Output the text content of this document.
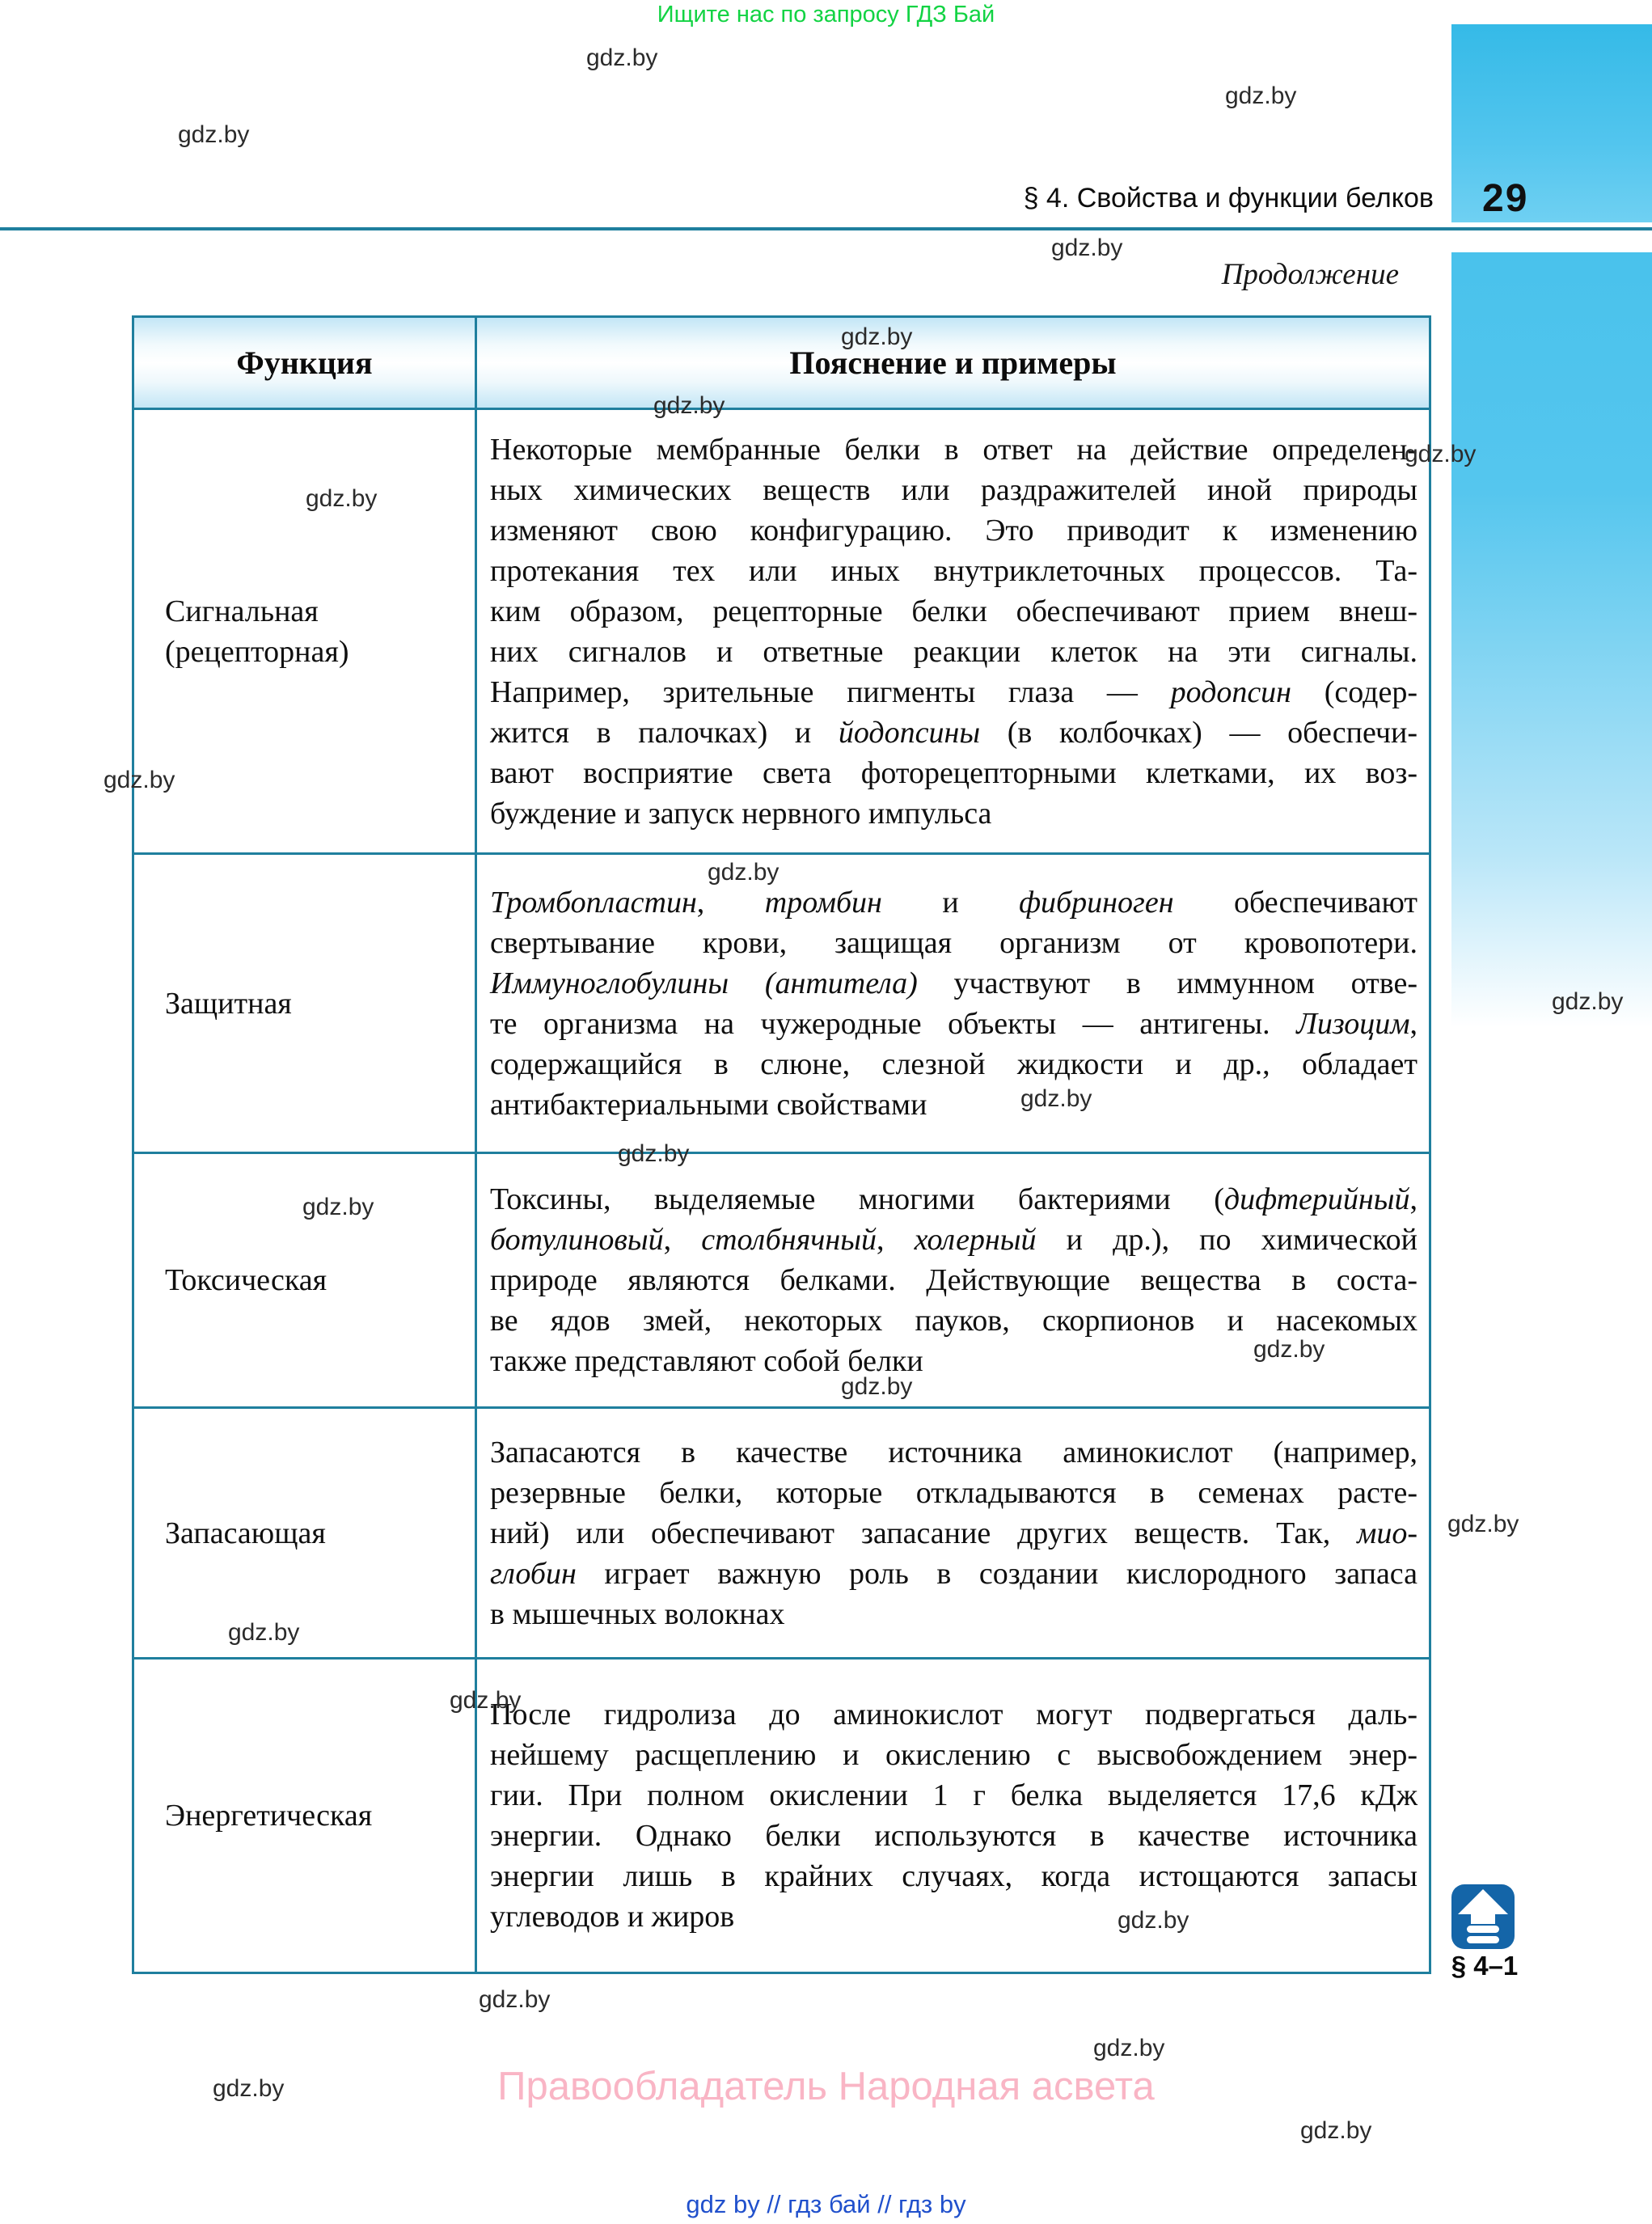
Ищите нас по запросу ГДЗ Бай
§ 4. Свойства и функции белков 29
Продолжение
Функция	Пояснение и примеры
Сигнальная
(рецепторная)
Некоторые мембранные белки в ответ на действие определен-
ных химических веществ или раздражителей иной природы
изменяют свою конфигурацию. Это приводит к изменению
протекания тех или иных внутриклеточных процессов. Та-
ким образом, рецепторные белки обеспечивают прием внеш-
них сигналов и ответные реакции клеток на эти сигналы.
Например, зрительные пигменты глаза — родопсин (содер-
жится в палочках) и йодопсины (в колбочках) — обеспечи-
вают восприятие света фоторецепторными клетками, их воз-
буждение и запуск нервного импульса
Защитная
Тромбопластин, тромбин и фибриноген обеспечивают
свертывание крови, защищая организм от кровопотери.
Иммуноглобулины (антитела) участвуют в иммунном отве-
те организма на чужеродные объекты — антигены. Лизоцим,
содержащийся в слюне, слезной жидкости и др., обладает
антибактериальными свойствами
Токсическая
Токсины, выделяемые многими бактериями (дифтерийный,
ботулиновый, столбнячный, холерный и др.), по химической
природе являются белками. Действующие вещества в соста-
ве ядов змей, некоторых пауков, скорпионов и насекомых
также представляют собой белки
Запасающая
Запасаются в качестве источника аминокислот (например,
резервные белки, которые откладываются в семенах расте-
ний) или обеспечивают запасание других веществ. Так, мио-
глобин играет важную роль в создании кислородного запаса
в мышечных волокнах
Энергетическая
После гидролиза до аминокислот могут подвергаться даль-
нейшему расщеплению и окислению с высвобождением энер-
гии. При полном окислении 1 г белка выделяется 17,6 кДж
энергии. Однако белки используются в качестве источника
энергии лишь в крайних случаях, когда истощаются запасы
углеводов и жиров
gdz.by
gdz.by
gdz.by
gdz.by
gdz.by
gdz.by
gdz.by
gdz.by
gdz.by
gdz.by
gdz.by
gdz.by
gdz.by
gdz.by
gdz.by
gdz.by
gdz.by
gdz.by
gdz.by
gdz.by
gdz.by
gdz.by
gdz.by
gdz.by
§ 4–1
Правообладатель Народная асвета
gdz by // гдз бай // гдз by
